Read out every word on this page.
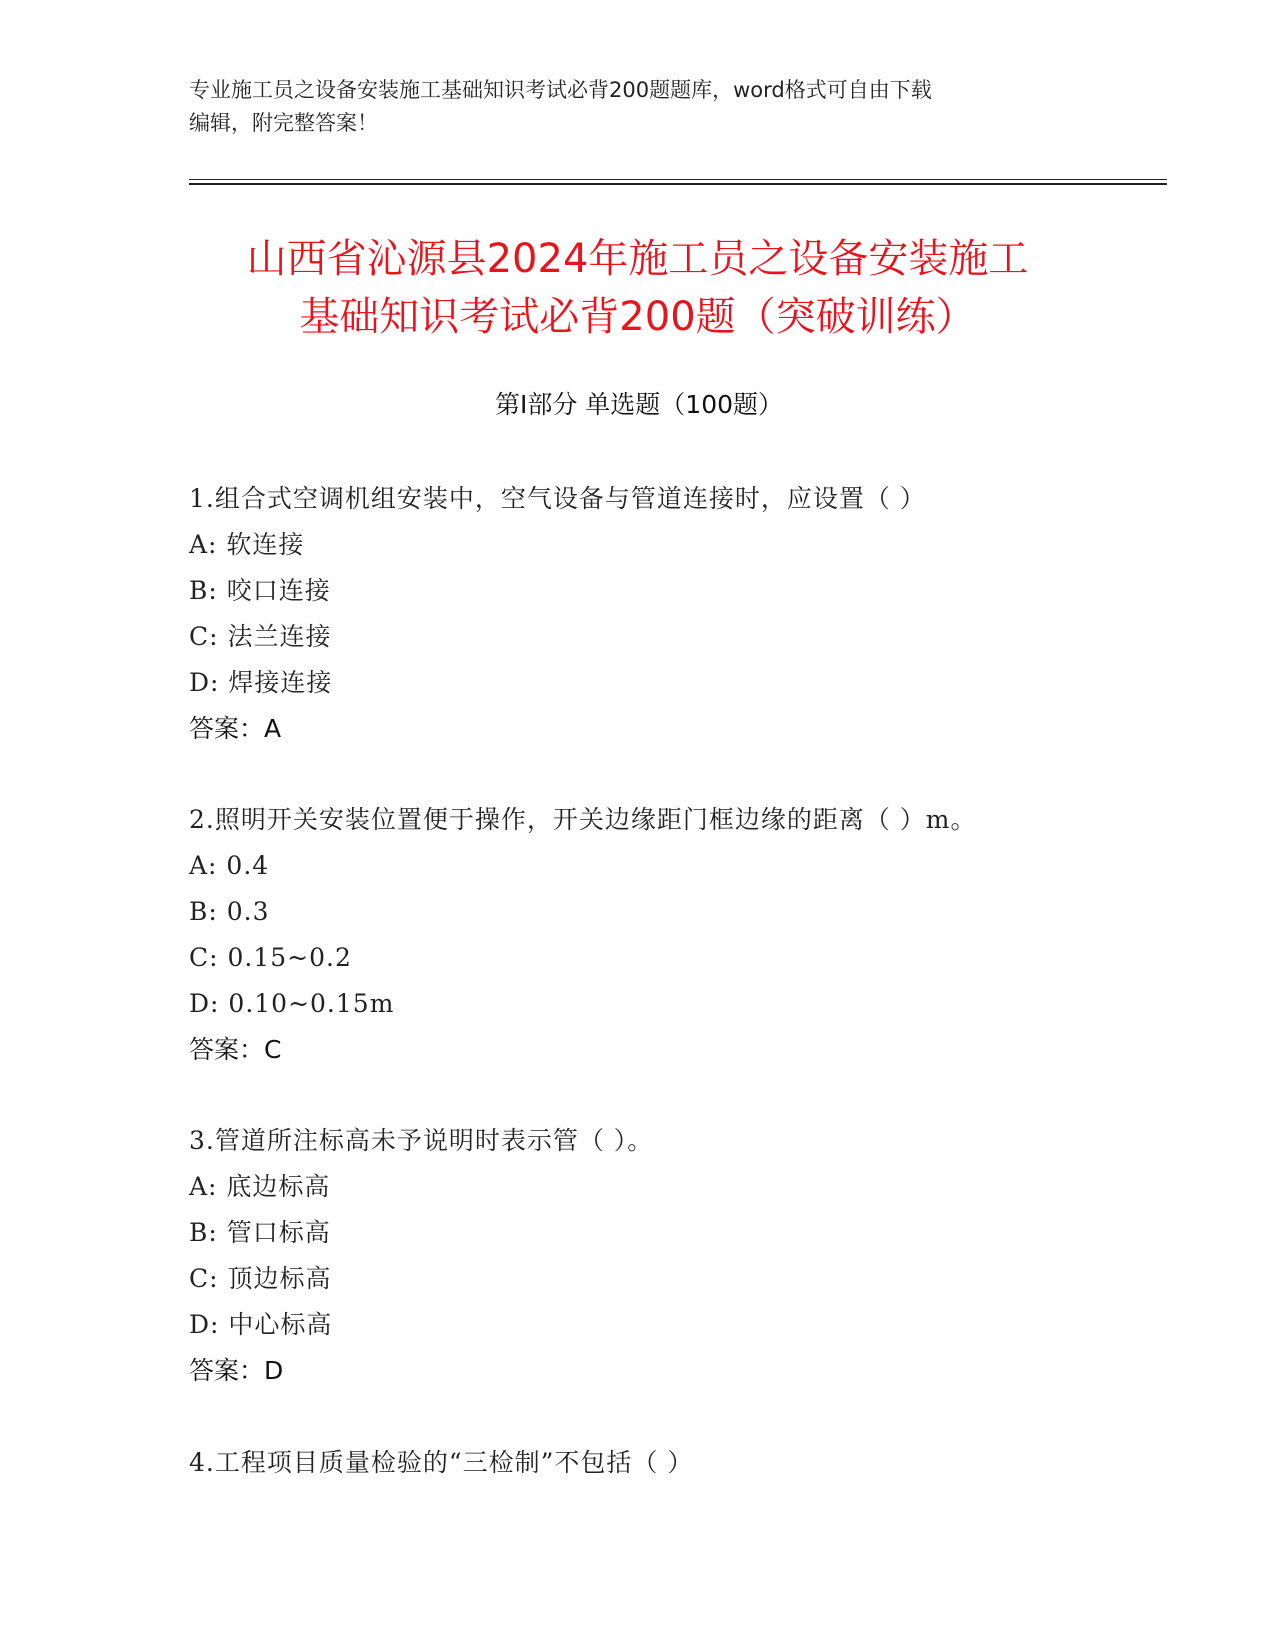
专业施工员之设备安装施工基础知识考试必背200题题库，word格式可自由下载
编辑，附完整答案！
山西省沁源县2024年施工员之设备安装施工
基础知识考试必背200题（突破训练）
第I部分 单选题（100题）
1.组合式空调机组安装中，空气设备与管道连接时，应设置（ ）
A: 软连接
B: 咬口连接
C: 法兰连接
D: 焊接连接
答案：A
2.照明开关安装位置便于操作，开关边缘距门框边缘的距离（ ）m。
A: 0.4
B: 0.3
C: 0.15~0.2
D: 0.10~0.15m
答案：C
3.管道所注标高未予说明时表示管（ ）。
A: 底边标高
B: 管口标高
C: 顶边标高
D: 中心标高
答案：D
4.工程项目质量检验的“三检制”不包括（ ）
